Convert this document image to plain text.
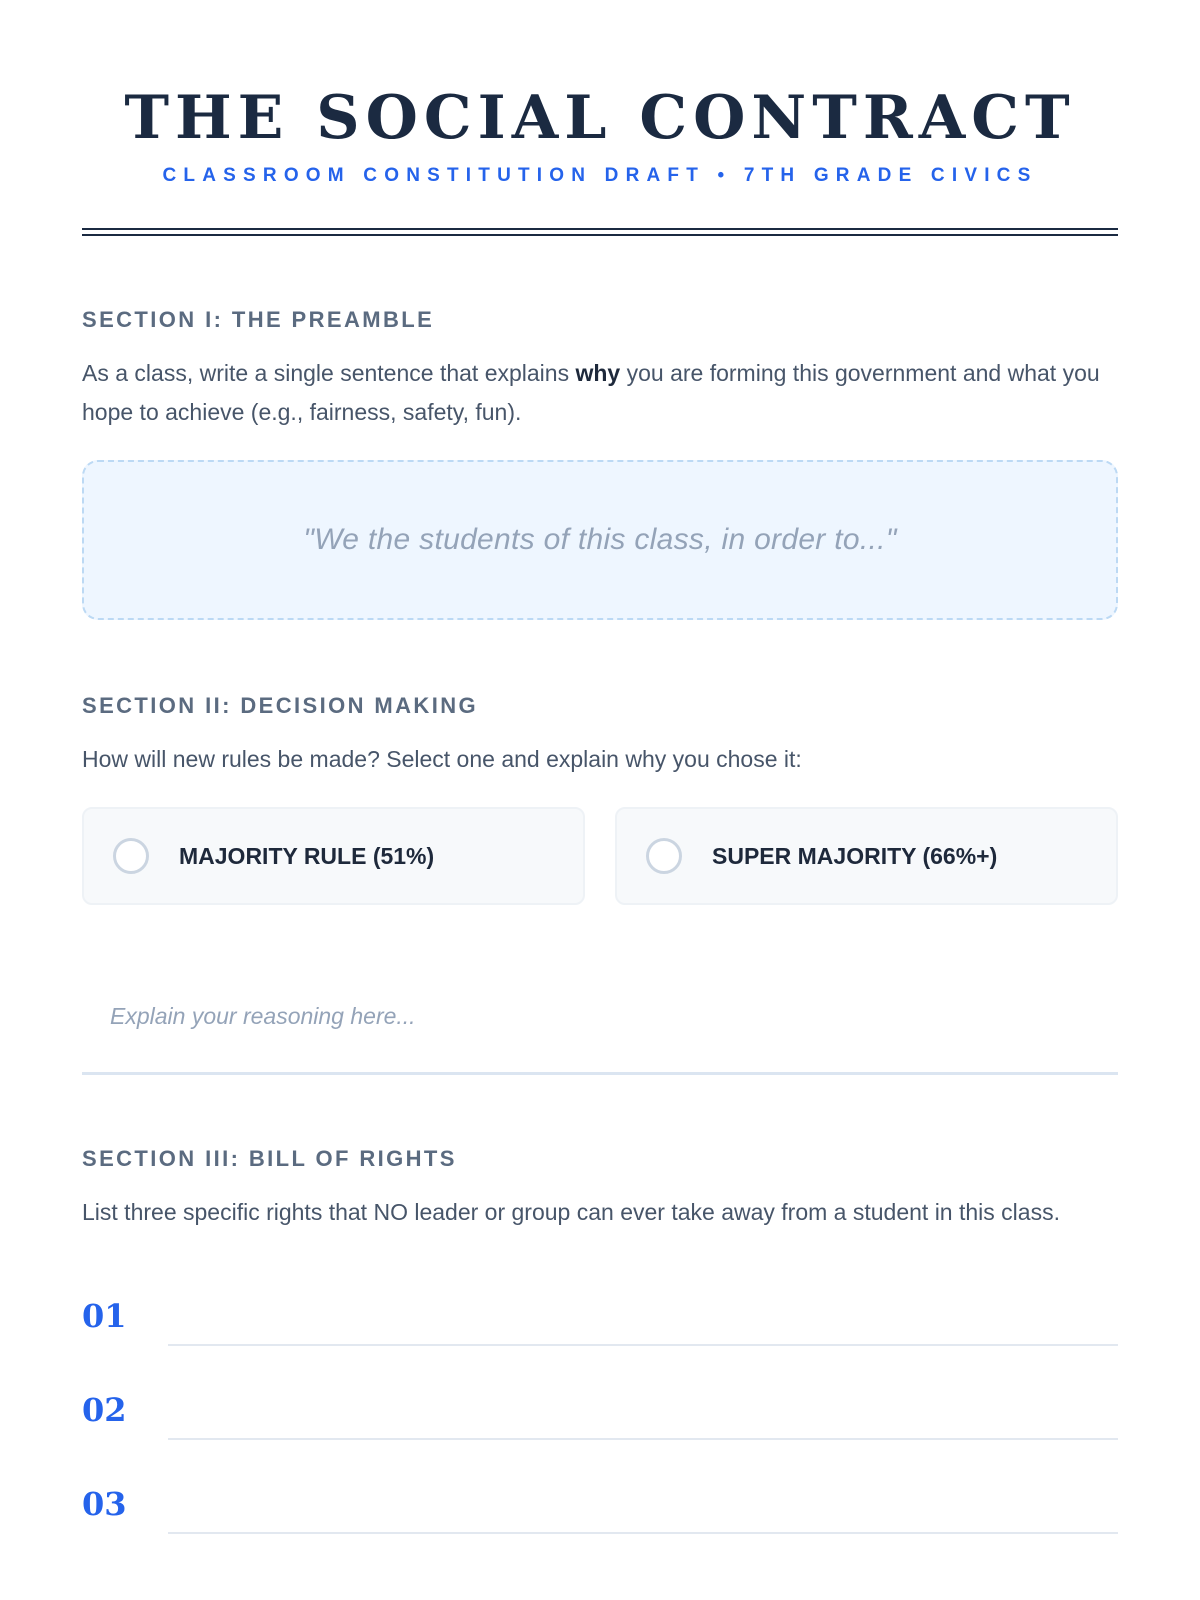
THE SOCIAL CONTRACT
CLASSROOM CONSTITUTION DRAFT • 7TH GRADE CIVICS
SECTION I: THE PREAMBLE
As a class, write a single sentence that explains why you are forming this government and what you hope to achieve (e.g., fairness, safety, fun).
"We the students of this class, in order to..."
SECTION II: DECISION MAKING
How will new rules be made? Select one and explain why you chose it:
MAJORITY RULE (51%)	SUPER MAJORITY (66%+)
Explain your reasoning here...
SECTION III: BILL OF RIGHTS
List three specific rights that NO leader or group can ever take away from a student in this class.
01
02
03
